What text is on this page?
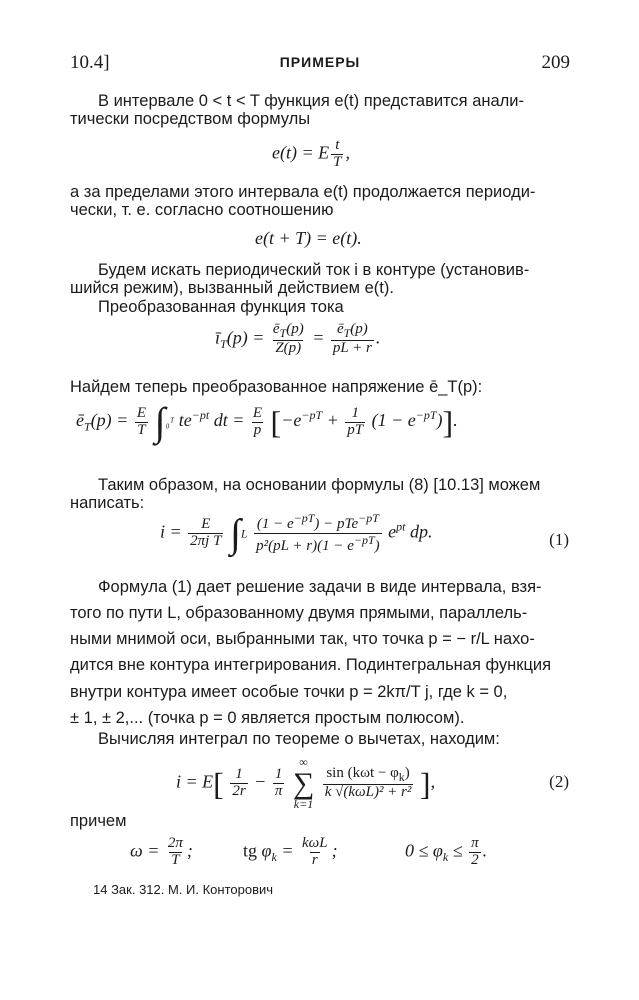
10.4]	ПРИМЕРЫ	209
В интервале 0 < t < T функция e(t) представится анали-
тически посредством формулы
e(t) = E $\frac{t}{T}$ ,
а за пределами этого интервала e(t) продолжается периоди-
чески, т. е. согласно соотношению
e(t + T) = e(t).
Будем искать периодический ток i в контуре (установив-
шийся режим), вызванный действием e(t).
Преобразованная функция тока
$ī_T(p) = \frac{ē_T(p)}{Z(p)} = \frac{ē_T(p)}{pL + r}$ .
Найдем теперь преобразованное напряжение ē_T(p):
$ē_T(p) = \frac{E}{T}$ ∫₀ᵀ $te^{-pt}$ dt = $\frac{E}{p} [-e^{-pT} + \frac{1}{pT} (1 - e^{-pT})]$.
Таким образом, на основании формулы (8) [10.13] можем
написать:
$i = \frac{E}{\text{2πj T}} \int L \frac{(1 - e^{-pT}) - pTe^{-pT}}{p^2(pL + r)(1 - e^{-pT})} e^{pt}$ dp.	(1)
Формула (1) дает решение задачи в виде интервала, взя-
того по пути L, образованному двумя прямыми, параллель-
ными мнимой оси, выбранными так, что точка p = − r/L нахо-
дится вне контура интегрирования. Подинтегральная функция
внутри контура имеет особые точки p = 2kπ/T j, где k = 0,
± 1, ± 2,... (точка p = 0 является простым полюсом).
Вычисляя интеграл по теореме о вычетах, находим:
$i = E[ \frac{1}{2r} - \frac{1}{\pi}$

∞
∑
k=1

$\frac{\sin (k\omega t - \varphi_k)}{\text{k √(kωL)² + r²}}$ ],	(2)
причем
$\omega = \frac{2\pi}{T}$ ;	tg $\varphi_k = \frac{\text{kωL}}{r}$ ;	$0 \le \varphi_k \le \frac{\pi}{2}$ .
14 Зак. 312. М. И. Конторович
